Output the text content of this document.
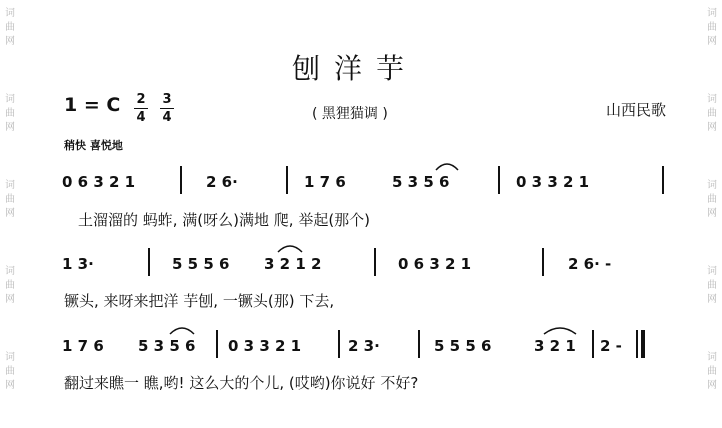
词
曲
网
词
曲
网
词
曲
网
词
曲
网
词
曲
网
词
曲
网
词
曲
网
词
曲
网
词
曲
网
词
曲
网
刨洋芋
( 黑狸猫调 )	山西民歌
1 = C 2
4
3
4
稍快 喜悦地
0 6 3 2 1	2 6·	1 7 6	5 3 5 6	0 3 3 2 1
土溜溜的 蚂蚱, 满(呀么)满地 爬, 举起(那个)
1 3·	5 5 5 6 3 2 1 2	0 6 3 2 1	2 6· -
镢头, 来呀来把洋 芋刨, 一镢头(那) 下去,
1 7 6 5 3 5 6 0 3 3 2 1	2 3·	5 5 5 6	3 2 1 2 -
翻过来瞧一 瞧,哟! 这么大的个儿, (哎哟)你说好 不好?
